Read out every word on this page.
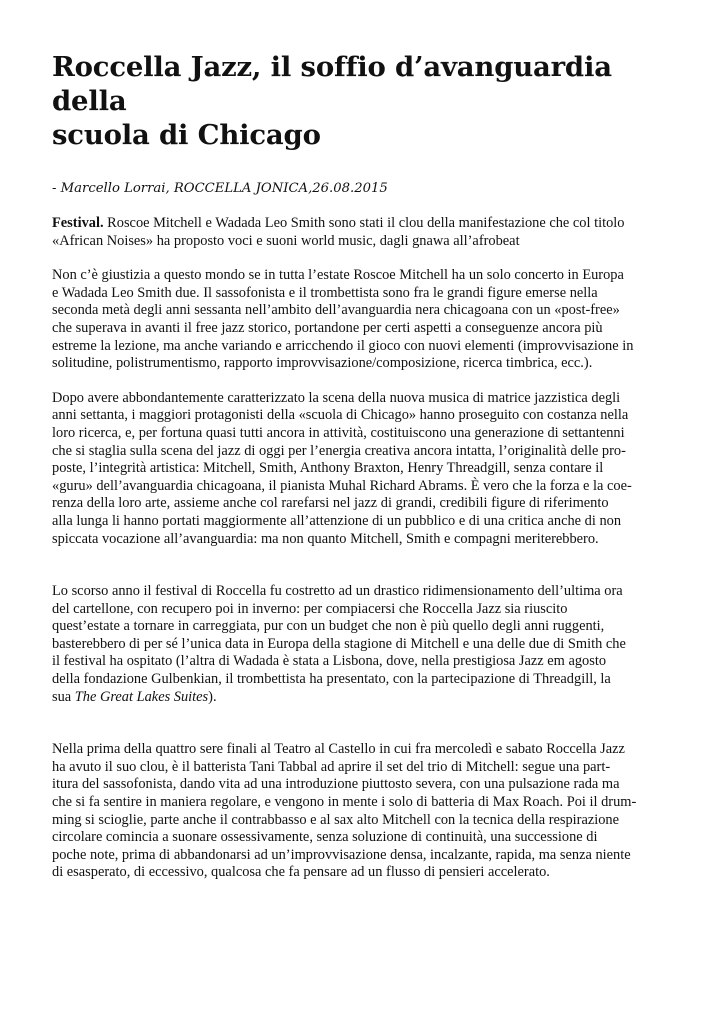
Roccella Jazz, il soffio d’avanguardia della
scuola di Chicago

- Marcello Lorrai, ROCCELLA JONICA,26.08.2015

Festival. Roscoe Mitchell e Wadada Leo Smith sono stati il clou della manifestazione che col titolo
«African Noises» ha proposto voci e suoni world music, dagli gnawa all’afrobeat

Non c’è giustizia a questo mondo se in tutta l’estate Roscoe Mitchell ha un solo concerto in Europa
e Wadada Leo Smith due. Il sassofonista e il trombettista sono fra le grandi figure emerse nella
seconda metà degli anni sessanta nell’ambito dell’avanguardia nera chicagoana con un «post-free»
che superava in avanti il free jazz storico, portandone per certi aspetti a conseguenze ancora più
estreme la lezione, ma anche variando e arricchendo il gioco con nuovi elementi (improvvisazione in
solitudine, polistrumentismo, rapporto improvvisazione/composizione, ricerca timbrica, ecc.).

Dopo avere abbondantemente caratterizzato la scena della nuova musica di matrice jazzistica degli
anni settanta, i maggiori protagonisti della «scuola di Chicago» hanno proseguito con costanza nella
loro ricerca, e, per fortuna quasi tutti ancora in attività, costituiscono una generazione di settantenni
che si staglia sulla scena del jazz di oggi per l’energia creativa ancora intatta, l’originalità delle pro-
poste, l’integrità artistica: Mitchell, Smith, Anthony Braxton, Henry Threadgill, senza contare il
«guru» dell’avanguardia chicagoana, il pianista Muhal Richard Abrams. È vero che la forza e la coe-
renza della loro arte, assieme anche col rarefarsi nel jazz di grandi, credibili figure di riferimento
alla lunga li hanno portati maggiormente all’attenzione di un pubblico e di una critica anche di non
spiccata vocazione all’avanguardia: ma non quanto Mitchell, Smith e compagni meriterebbero.

Lo scorso anno il festival di Roccella fu costretto ad un drastico ridimensionamento dell’ultima ora
del cartellone, con recupero poi in inverno: per compiacersi che Roccella Jazz sia riuscito
quest’estate a tornare in carreggiata, pur con un budget che non è più quello degli anni ruggenti,
basterebbero di per sé l’unica data in Europa della stagione di Mitchell e una delle due di Smith che
il festival ha ospitato (l’altra di Wadada è stata a Lisbona, dove, nella prestigiosa Jazz em agosto
della fondazione Gulbenkian, il trombettista ha presentato, con la partecipazione di Threadgill, la
sua The Great Lakes Suites).

Nella prima della quattro sere finali al Teatro al Castello in cui fra mercoledì e sabato Roccella Jazz
ha avuto il suo clou, è il batterista Tani Tabbal ad aprire il set del trio di Mitchell: segue una part-
itura del sassofonista, dando vita ad una introduzione piuttosto severa, con una pulsazione rada ma
che si fa sentire in maniera regolare, e vengono in mente i solo di batteria di Max Roach. Poi il drum-
ming si scioglie, parte anche il contrabbasso e al sax alto Mitchell con la tecnica della respirazione
circolare comincia a suonare ossessivamente, senza soluzione di continuità, una successione di
poche note, prima di abbandonarsi ad un’improvvisazione densa, incalzante, rapida, ma senza niente
di esasperato, di eccessivo, qualcosa che fa pensare ad un flusso di pensieri accelerato.
